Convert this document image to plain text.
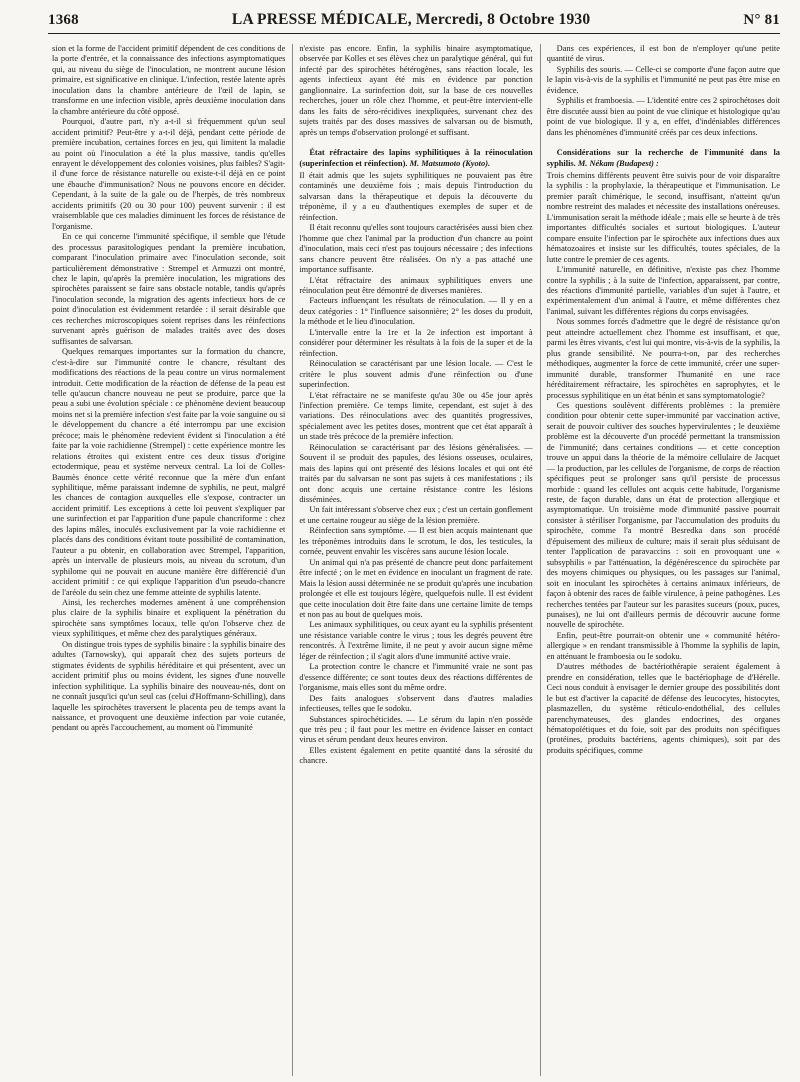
1368	LA PRESSE MÉDICALE, Mercredi, 8 Octobre 1930	N° 81

sion et la forme de l'accident primitif dépendent de ces conditions de la porte d'entrée, et la connaissance des infections asymptomatiques qui, au niveau du siège de l'inoculation, ne montrent aucune lésion primaire, est significative en clinique. L'infection, restée latente après inoculation dans la chambre antérieure de l'œil de lapin, se transforme en une infection visible, après deuxième inoculation dans la chambre antérieure du côté opposé.

Pourquoi, d'autre part, n'y a-t-il si fréquemment qu'un seul accident primitif? Peut-être y a-t-il déjà, pendant cette période de première incubation, certaines forces en jeu, qui limitent la maladie au point où l'inoculation a été la plus massive, tandis qu'elles enrayent le développement des colonies voisines, plus faibles? S'agit-il d'une force de résistance naturelle ou existe-t-il déjà en ce point une ébauche d'immunisation? Nous ne pouvons encore en décider. Cependant, à la suite de la gale ou de l'herpès, de très nombreux accidents primitifs (20 ou 30 pour 100) peuvent survenir : il est vraisemblable que ces maladies diminuent les forces de résistance de l'organisme.

En ce qui concerne l'immunité spécifique, il semble que l'étude des processus parasitologiques pendant la première incubation, comparant l'inoculation primaire avec l'inoculation seconde, soit particulièrement démonstrative : Strempel et Armuzzi ont montré, chez le lapin, qu'après la première inoculation, les migrations des spirochètes paraissent se faire sans obstacle notable, tandis qu'après l'inoculation seconde, la migration des agents infectieux hors de ce point d'inoculation est évidemment retardée : il serait désirable que ces recherches microscopiques soient reprises dans les réinfections survenant après guérison de malades traités avec des doses suffisantes de salvarsan.

Quelques remarques importantes sur la formation du chancre, c'est-à-dire sur l'immunité contre le chancre, résultant des modifications des réactions de la peau contre un virus normalement introduit. Cette modification de la réaction de défense de la peau est telle qu'aucun chancre nouveau ne peut se produire, parce que la peau a subi une évolution spéciale : ce phénomène devient beaucoup moins net si la première infection s'est faite par la voie sanguine ou si le développement du chancre a été interrompu par une excision précoce; mais le phénomène redevient évident si l'inoculation a été faite par la voie rachidienne (Strempel) : cette expérience montre les relations étroites qui existent entre ces deux tissus d'origine ectodermique, peau et système nerveux central. La loi de Colles-Baumès énonce cette vérité reconnue que la mère d'un enfant syphilitique, même paraissant indemne de syphilis, ne peut, malgré les chances de contagion auxquelles elle s'expose, contracter un accident primitif. Les exceptions à cette loi peuvent s'expliquer par une surinfection et par l'apparition d'une papule chancriforme : chez des lapins mâles, inoculés exclusivement par la voie rachidienne et placés dans des conditions évitant toute possibilité de contamination, l'auteur a pu obtenir, en collaboration avec Strempel, l'apparition, après un intervalle de plusieurs mois, au niveau du scrotum, d'un syphilome qui ne pouvait en aucune manière être différencié d'un accident primitif : ce qui explique l'apparition d'un pseudo-chancre de l'aréole du sein chez une femme atteinte de syphilis latente.

Ainsi, les recherches modernes amènent à une compréhension plus claire de la syphilis binaire et expliquent la pénétration du spirochète sans symptômes locaux, telle qu'on l'observe chez de vieux syphilitiques, et même chez des paralytiques généraux.

On distingue trois types de syphilis binaire : la syphilis binaire des adultes (Tarnowsky), qui apparaît chez des sujets porteurs de stigmates évidents de syphilis héréditaire et qui présentent, avec un accident primitif plus ou moins évident, les signes d'une nouvelle infection syphilitique. La syphilis binaire des nouveau-nés, dont on ne connaît jusqu'ici qu'un seul cas (celui d'Hoffmann-Schilling), dans laquelle les spirochètes traversent le placenta peu de temps avant la naissance, et provoquent une deuxième infection par voie cutanée, pendant ou après l'accouchement, au moment où l'immunité

n'existe pas encore. Enfin, la syphilis binaire asymptomatique, observée par Kolles et ses élèves chez un paralytique général, qui fut infecté par des spirochètes hétérogènes, sans réaction locale, les agents infectieux ayant été mis en évidence par ponction ganglionnaire. La surinfection doit, sur la base de ces nouvelles recherches, jouer un rôle chez l'homme, et peut-être intervient-elle dans les faits de séro-récidives inexpliquées, survenant chez des sujets traités par des doses massives de salvarsan ou de bismuth, après un temps d'observation prolongé et suffisant.

État réfractaire des lapins syphilitiques à la réinoculation (superinfection et réinfection). M. Matsumoto (Kyoto).

Il était admis que les sujets syphilitiques ne pouvaient pas être contaminés une deuxième fois ; mais depuis l'introduction du salvarsan dans la thérapeutique et depuis la découverte du tréponème, il y a eu d'authentiques exemples de super et de réinfection.

Il était reconnu qu'elles sont toujours caractérisées aussi bien chez l'homme que chez l'animal par la production d'un chancre au point d'inoculation, mais ceci n'est pas toujours nécessaire ; des infections sans chancre peuvent être réalisées. On n'y a pas attaché une importance suffisante.

L'état réfractaire des animaux syphilitiques envers une réinoculation peut être démontré de diverses manières.

Facteurs influençant les résultats de réinoculation. — Il y en a deux catégories : 1° l'influence saisonnière; 2° les doses du produit, la méthode et le lieu d'inoculation.

L'intervalle entre la 1re et la 2e infection est important à considérer pour déterminer les résultats à la fois de la super et de la réinfection.

Réinoculation se caractérisant par une lésion locale. — C'est le critère le plus souvent admis d'une réinfection ou d'une superinfection.

L'état réfractaire ne se manifeste qu'au 30e ou 45e jour après l'infection première. Ce temps limite, cependant, est sujet à des variations. Des réinoculations avec des quantités progressives, spécialement avec les petites doses, montrent que cet état apparaît à un stade très précoce de la première infection.

Réinoculation se caractérisant par des lésions généralisées. — Souvent il se produit des papules, des lésions osseuses, oculaires, mais des lapins qui ont présenté des lésions locales et qui ont été traités par du salvarsan ne sont pas sujets à ces manifestations ; ils ont donc acquis une certaine résistance contre les lésions disséminées.

Un fait intéressant s'observe chez eux ; c'est un certain gonflement et une certaine rougeur au siège de la lésion première.

Réinfection sans symptôme. — Il est bien acquis maintenant que les tréponèmes introduits dans le scrotum, le dos, les testicules, la cornée, peuvent envahir les viscères sans aucune lésion locale.

Un animal qui n'a pas présenté de chancre peut donc parfaitement être infecté ; on le met en évidence en inoculant un fragment de rate. Mais la lésion aussi déterminée ne se produit qu'après une incubation prolongée et elle est toujours légère, quelquefois nulle. Il est évident que cette inoculation doit être faite dans une certaine limite de temps et non pas au bout de quelques mois.

Les animaux syphilitiques, ou ceux ayant eu la syphilis présentent une résistance variable contre le virus ; tous les degrés peuvent être rencontrés. À l'extrême limite, il ne peut y avoir aucun signe même léger de réinfection ; il s'agit alors d'une immunité active vraie.

La protection contre le chancre et l'immunité vraie ne sont pas d'essence différente; ce sont toutes deux des réactions différentes de l'organisme, mais elles sont du même ordre.

Des faits analogues s'observent dans d'autres maladies infectieuses, telles que le sodoku.

Substances spirochéticides. — Le sérum du lapin n'en possède que très peu ; il faut pour les mettre en évidence laisser en contact virus et sérum pendant deux heures environ.

Elles existent également en petite quantité dans la sérosité du chancre.

Dans ces expériences, il est bon de n'employer qu'une petite quantité de virus.

Syphilis des souris. — Celle-ci se comporte d'une façon autre que le lapin vis-à-vis de la syphilis et l'immunité ne peut pas être mise en évidence.

Syphilis et framboesia. — L'identité entre ces 2 spirochétoses doit être discutée aussi bien au point de vue clinique et histologique qu'au point de vue biologique. Il y a, en effet, d'indéniables différences dans les phénomènes d'immunité créés par ces deux infections.

Considérations sur la recherche de l'immunité dans la syphilis. M. Nékam (Budapest) :

Trois chemins différents peuvent être suivis pour de voir disparaître la syphilis : la prophylaxie, la thérapeutique et l'immunisation. Le premier paraît chimérique, le second, insuffisant, n'atteint qu'un nombre restreint des malades et nécessite des installations onéreuses. L'immunisation serait la méthode idéale ; mais elle se heurte à de très importantes difficultés sociales et surtout biologiques. L'auteur compare ensuite l'infection par le spirochète aux infections dues aux hématozoaires et insiste sur les difficultés, toutes spéciales, de la lutte contre le premier de ces agents.

L'immunité naturelle, en définitive, n'existe pas chez l'homme contre la syphilis ; à la suite de l'infection, apparaissent, par contre, des réactions d'immunité partielle, variables d'un sujet à l'autre, et expérimentalement d'un animal à l'autre, et même différentes chez l'animal, suivant les différentes régions du corps envisagées.

Nous sommes forcés d'admettre que le degré de résistance qu'on peut atteindre actuellement chez l'homme est insuffisant, et que, parmi les êtres vivants, c'est lui qui montre, vis-à-vis de la syphilis, la plus grande sensibilité. Ne pourra-t-on, par des recherches méthodiques, augmenter la force de cette immunité, créer une super-immunité durable, transformer l'humanité en une race héréditairement réfractaire, les spirochètes en saprophytes, et le processus syphilitique en un état bénin et sans symptomatologie?

Ces questions soulèvent différents problèmes : la première condition pour obtenir cette super-immunité par vaccination active, serait de pouvoir cultiver des souches hypervirulentes ; le deuxième problème est la découverte d'un procédé permettant la transmission de l'immunité; dans certaines conditions — et cette conception trouve un appui dans la théorie de la mémoire cellulaire de Jacquet — la production, par les cellules de l'organisme, de corps de réaction spécifiques peut se prolonger sans qu'il persiste de processus morbide : quand les cellules ont acquis cette habitude, l'organisme reste, de façon durable, dans un état de protection allergique et asymptomatique. Un troisième mode d'immunité passive pourrait consister à stériliser l'organisme, par l'accumulation des produits du spirochète, comme l'a montré Besredka dans son procédé d'épuisement des milieux de culture; mais il serait plus séduisant de tenter l'application de paravaccins : soit en provoquant une « subsyphilis » par l'atténuation, la dégénérescence du spirochète par des moyens chimiques ou physiques, ou les passages sur l'animal, soit en inoculant les spirochètes à certains animaux inférieurs, de façon à obtenir des races de faible virulence, à peine pathogènes. Les recherches tentées par l'auteur sur les parasites suceurs (poux, puces, punaises), ne lui ont d'ailleurs permis de découvrir aucune forme nouvelle de spirochète.

Enfin, peut-être pourrait-on obtenir une « communité hétéro-allergique » en rendant transmissible à l'homme la syphilis de lapin, en atténuant le framboesia ou le sodoku.

D'autres méthodes de bactériothérapie seraient également à prendre en considération, telles que le bactériophage de d'Hérelle. Ceci nous conduit à envisager le dernier groupe des possibilités dont le but est d'activer la capacité de défense des leucocytes, histocytes, plasmazellen, du système réticulo-endothélial, des cellules parenchymateuses, des glandes endocrines, des organes hématopoïétiques et du foie, soit par des produits non spécifiques (protéines, produits bactériens, agents chimiques), soit par des produits spécifiques, comme
